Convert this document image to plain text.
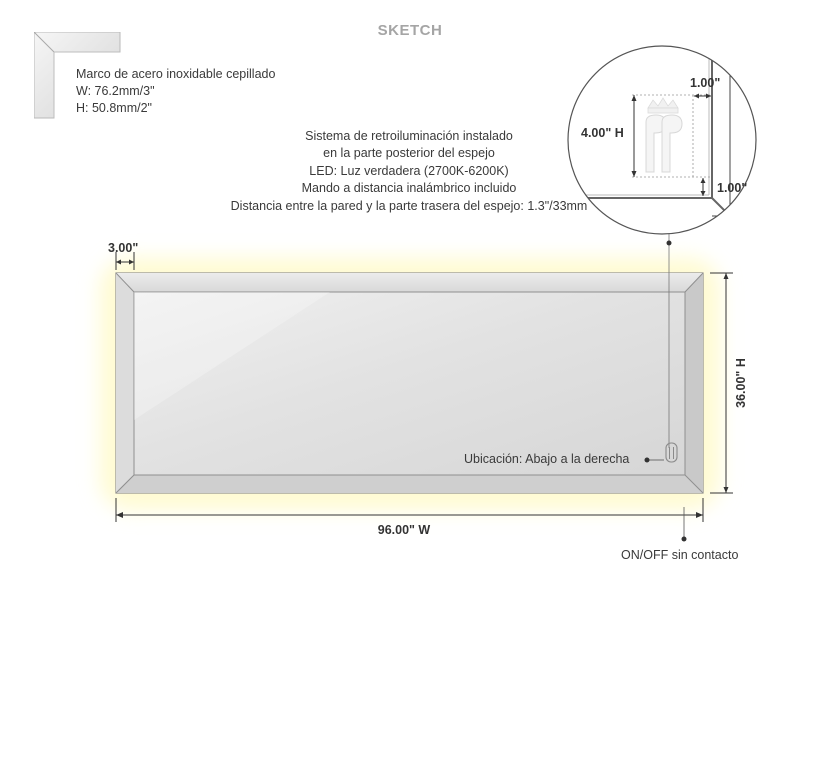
SKETCH
Marco de acero inoxidable cepillado
W: 76.2mm/3"
H: 50.8mm/2"
Sistema de retroiluminación instalado
en la parte posterior del espejo
LED: Luz verdadera (2700K-6200K)
Mando a distancia inalámbrico incluido
Distancia entre la pared y la parte trasera del espejo: 1.3"/33mm
3.00"
36.00" H
96.00" W
4.00" H
1.00"
1.00"
Ubicación: Abajo a la derecha
ON/OFF sin contacto
